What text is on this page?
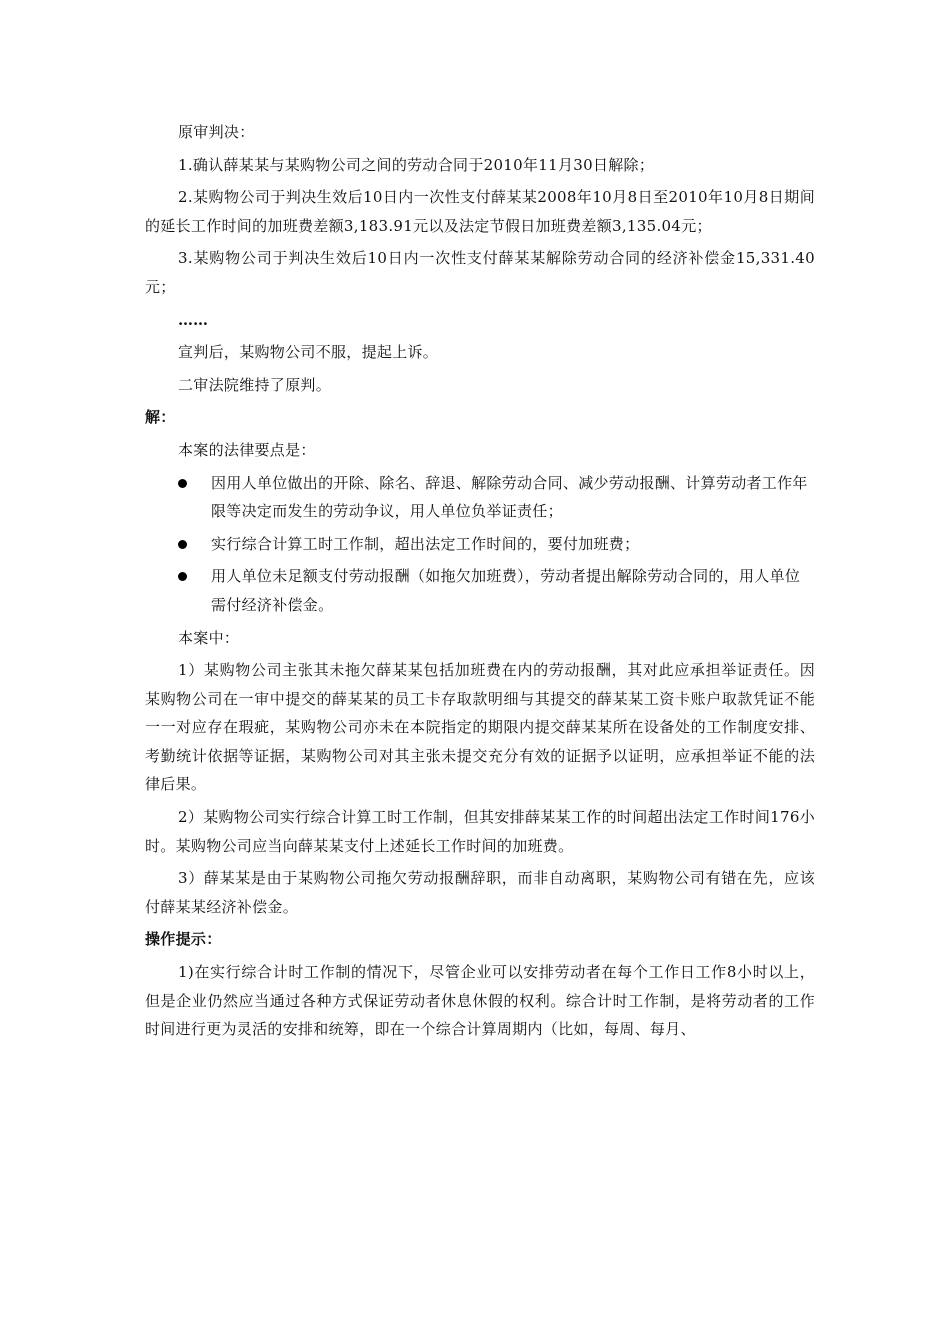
原审判决：

1.确认薛某某与某购物公司之间的劳动合同于2010年11月30日解除；

2.某购物公司于判决生效后10日内一次性支付薛某某2008年10月8日至2010年10月8日期间的延长工作时间的加班费差额3,183.91元以及法定节假日加班费差额3,135.04元；

3.某购物公司于判决生效后10日内一次性支付薛某某解除劳动合同的经济补偿金15,331.40元；

……

宣判后，某购物公司不服，提起上诉。

二审法院维持了原判。

解：

本案的法律要点是：

因用人单位做出的开除、除名、辞退、解除劳动合同、减少劳动报酬、计算劳动者工作年限等决定而发生的劳动争议，用人单位负举证责任；
实行综合计算工时工作制，超出法定工作时间的，要付加班费；
用人单位未足额支付劳动报酬（如拖欠加班费），劳动者提出解除劳动合同的，用人单位需付经济补偿金。

本案中：

1）某购物公司主张其未拖欠薛某某包括加班费在内的劳动报酬，其对此应承担举证责任。因某购物公司在一审中提交的薛某某的员工卡存取款明细与其提交的薛某某工资卡账户取款凭证不能一一对应存在瑕疵，某购物公司亦未在本院指定的期限内提交薛某某所在设备处的工作制度安排、考勤统计依据等证据，某购物公司对其主张未提交充分有效的证据予以证明，应承担举证不能的法律后果。

2）某购物公司实行综合计算工时工作制，但其安排薛某某工作的时间超出法定工作时间176小时。某购物公司应当向薛某某支付上述延长工作时间的加班费。

3）薛某某是由于某购物公司拖欠劳动报酬辞职，而非自动离职，某购物公司有错在先，应该付薛某某经济补偿金。

操作提示：

1)在实行综合计时工作制的情况下，尽管企业可以安排劳动者在每个工作日工作8小时以上，但是企业仍然应当通过各种方式保证劳动者休息休假的权利。综合计时工作制，是将劳动者的工作时间进行更为灵活的安排和统筹，即在一个综合计算周期内（比如，每周、每月、
